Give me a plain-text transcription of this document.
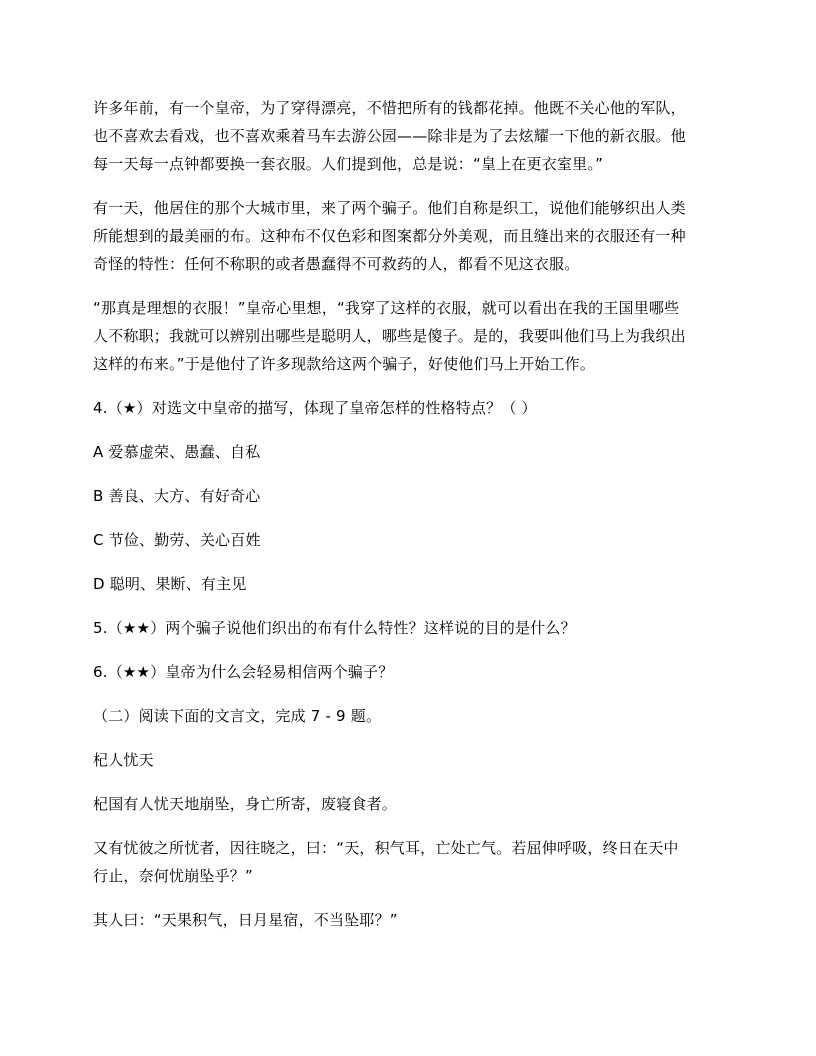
许多年前，有一个皇帝，为了穿得漂亮，不惜把所有的钱都花掉。他既不关心他的军队，
也不喜欢去看戏，也不喜欢乘着马车去游公园——除非是为了去炫耀一下他的新衣服。他
每一天每一点钟都要换一套衣服。人们提到他，总是说：“皇上在更衣室里。”

有一天，他居住的那个大城市里，来了两个骗子。他们自称是织工，说他们能够织出人类
所能想到的最美丽的布。这种布不仅色彩和图案都分外美观，而且缝出来的衣服还有一种
奇怪的特性：任何不称职的或者愚蠢得不可救药的人，都看不见这衣服。

“那真是理想的衣服！”皇帝心里想，“我穿了这样的衣服，就可以看出在我的王国里哪些
人不称职；我就可以辨别出哪些是聪明人，哪些是傻子。是的，我要叫他们马上为我织出
这样的布来。”于是他付了许多现款给这两个骗子，好使他们马上开始工作。

4.（★）对选文中皇帝的描写，体现了皇帝怎样的性格特点？（ ）

A 爱慕虚荣、愚蠢、自私

B 善良、大方、有好奇心

C 节俭、勤劳、关心百姓

D 聪明、果断、有主见

5.（★★）两个骗子说他们织出的布有什么特性？这样说的目的是什么？

6.（★★）皇帝为什么会轻易相信两个骗子？

（二）阅读下面的文言文，完成 7 - 9 题。

杞人忧天

杞国有人忧天地崩坠，身亡所寄，废寝食者。

又有忧彼之所忧者，因往晓之，曰：“天，积气耳，亡处亡气。若屈伸呼吸，终日在天中
行止，奈何忧崩坠乎？”

其人曰：“天果积气，日月星宿，不当坠耶？”
